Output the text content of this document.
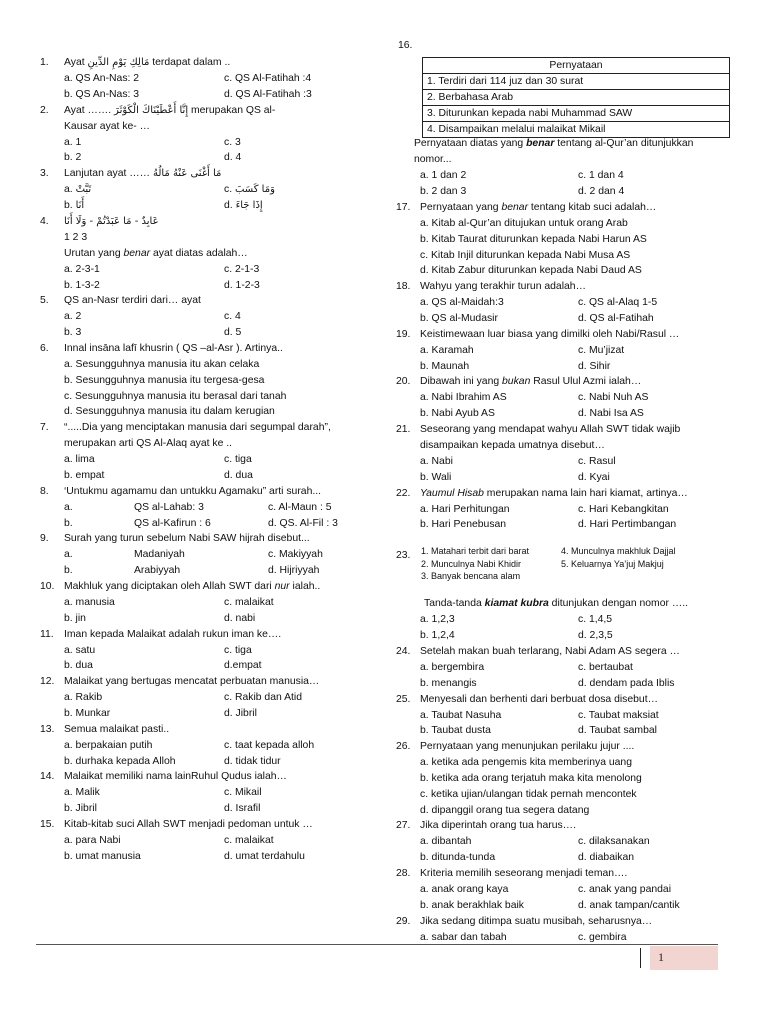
1. Ayat مَالِكِ يَوْمِ الدِّينِ terdapat dalam ..
a. QS An-Nas: 2	c. QS Al-Fatihah :4
b. QS An-Nas: 3	d. QS Al-Fatihah :3
2. Ayat ……. إِنَّا أَعْطَيْنَاكَ الْكَوْثَرَ merupakan QS al-
Kausar ayat ke- …
a. 1	c. 3
b. 2	d. 4
3. Lanjutan ayat …… مَا أَغْنَى عَنْهُ مَالُهُ
a. تَبَّتْ	c. وَمَا كَسَبَ
b. أَنَا	d. إِذَا جَاءَ
4. عَابِدٌ - مَا عَبَدْتُمْ - وَلَا أَنَا
1 2 3
Urutan yang benar ayat diatas adalah…
a. 2-3-1	c. 2-1-3
b. 1-3-2	d. 1-2-3
5. QS an-Nasr terdiri dari… ayat
a. 2	c. 4
b. 3	d. 5
6. Innal insāna lafī khusrin ( QS –al-Asr ). Artinya..
a. Sesungguhnya manusia itu akan celaka
b. Sesungguhnya manusia itu tergesa-gesa
c. Sesungguhnya manusia itu berasal dari tanah
d. Sesungguhnya manusia itu dalam kerugian
7. “.....Dia yang menciptakan manusia dari segumpal darah”,
merupakan arti QS Al-Alaq ayat ke ..
a. lima	c. tiga
b. empat	d. dua
8. ‘Untukmu agamamu dan untukku Agamaku” arti surah...
a.	QS al-Lahab: 3	c. Al-Maun : 5
b.	QS al-Kafirun : 6	d. QS. Al-Fil : 3
9. Surah yang turun sebelum Nabi SAW hijrah disebut...
a.	Madaniyah	c. Makiyyah
b.	Arabiyyah	d. Hijriyyah
10. Makhluk yang diciptakan oleh Allah SWT dari nur ialah..
a. manusia	c. malaikat
b. jin	d. nabi
11. Iman kepada Malaikat adalah rukun iman ke….
a. satu	c. tiga
b. dua	d.empat
12. Malaikat yang bertugas mencatat perbuatan manusia…
a. Rakib	c. Rakib dan Atid
b. Munkar	d. Jibril
13. Semua malaikat pasti..
a. berpakaian putih	c. taat kepada alloh
b. durhaka kepada Alloh	d. tidak tidur
14. Malaikat memiliki nama lainRuhul Qudus ialah…
a. Malik	c. Mikail
b. Jibril	d. Israfil
15. Kitab-kitab suci Allah SWT menjadi pedoman untuk …
a. para Nabi	c. malaikat
b. umat manusia	d. umat terdahulu
16.
Pernyataan
1. Terdiri dari 114 juz dan 30 surat
2. Berbahasa Arab
3. Diturunkan kepada nabi Muhammad SAW
4. Disampaikan melalui malaikat Mikail
Pernyataan diatas yang benar tentang al-Qur’an ditunjukkan
nomor...
a. 1 dan 2	c. 1 dan 4
b. 2 dan 3	d. 2 dan 4
17. Pernyataan yang benar tentang kitab suci adalah…
a. Kitab al-Qur’an ditujukan untuk orang Arab
b. Kitab Taurat diturunkan kepada Nabi Harun AS
c. Kitab Injil diturunkan kepada Nabi Musa AS
d. Kitab Zabur diturunkan kepada Nabi Daud AS
18. Wahyu yang terakhir turun adalah…
a. QS al-Maidah:3	c. QS al-Alaq 1-5
b. QS al-Mudasir	d. QS al-Fatihah
19. Keistimewaan luar biasa yang dimilki oleh Nabi/Rasul …
a. Karamah	c. Mu’jizat
b. Maunah	d. Sihir
20. Dibawah ini yang bukan Rasul Ulul Azmi ialah…
a. Nabi Ibrahim AS	c. Nabi Nuh AS
b. Nabi Ayub AS	d. Nabi Isa AS
21. Seseorang yang mendapat wahyu Allah SWT tidak wajib
disampaikan kepada umatnya disebut…
a. Nabi	c. Rasul
b. Wali	d. Kyai
22. Yaumul Hisab merupakan nama lain hari kiamat, artinya…
a. Hari Perhitungan	c. Hari Kebangkitan
b. Hari Penebusan	d. Hari Pertimbangan
23. 1. Matahari terbit dari barat	4. Munculnya makhluk Dajjal
2. Munculnya Nabi Khidir	5. Keluarnya Ya’juj Makjuj
3. Banyak bencana alam
Tanda-tanda kiamat kubra ditunjukan dengan nomor …..
a. 1,2,3	c. 1,4,5
b. 1,2,4	d. 2,3,5
24. Setelah makan buah terlarang, Nabi Adam AS segera …
a. bergembira	c. bertaubat
b. menangis	d. dendam pada Iblis
25. Menyesali dan berhenti dari berbuat dosa disebut…
a. Taubat Nasuha	c. Taubat maksiat
b. Taubat dusta	d. Taubat sambal
26. Pernyataan yang menunjukan perilaku jujur ....
a. ketika ada pengemis kita memberinya uang
b. ketika ada orang terjatuh maka kita menolong
c. ketika ujian/ulangan tidak pernah mencontek
d. dipanggil orang tua segera datang
27. Jika diperintah orang tua harus….
a. dibantah	c. dilaksanakan
b. ditunda-tunda	d. diabaikan
28. Kriteria memilih seseorang menjadi teman….
a. anak orang kaya	c. anak yang pandai
b. anak berakhlak baik	d. anak tampan/cantik
29. Jika sedang ditimpa suatu musibah, seharusnya…
a. sabar dan tabah	c. gembira
1
